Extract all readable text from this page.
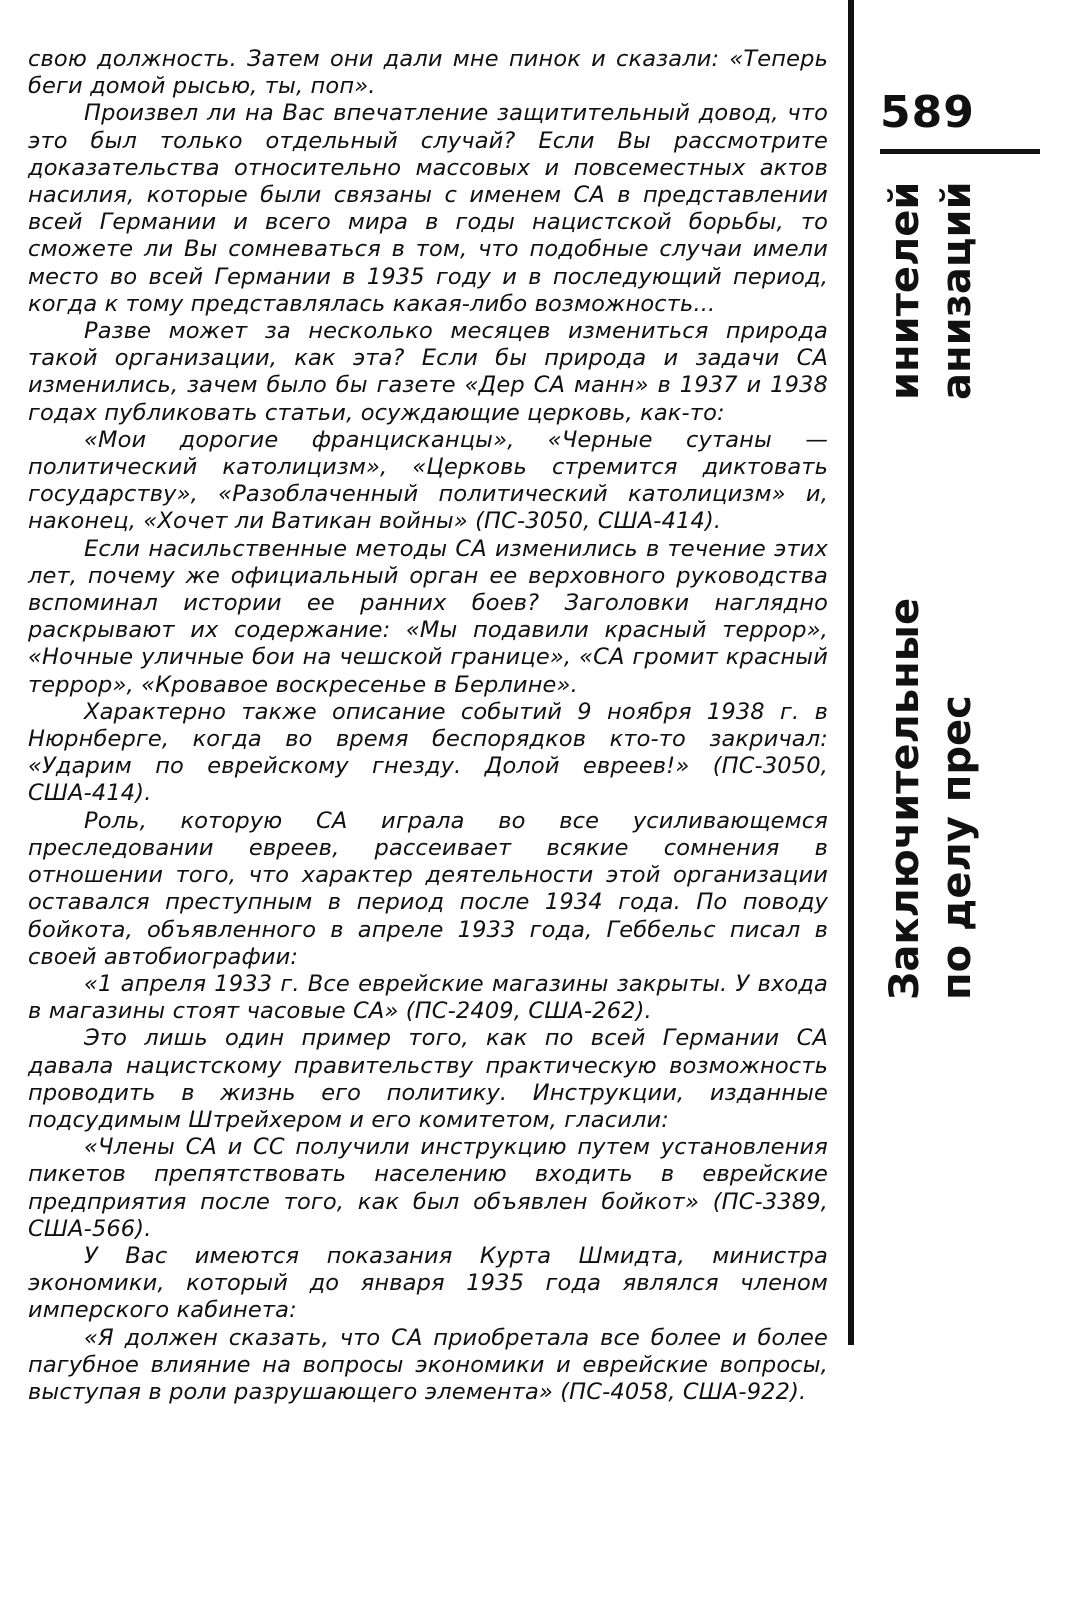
свою должность. Затем они дали мне пинок и сказали: «Теперь беги домой рысью, ты, поп».

Произвел ли на Вас впечатление защитительный довод, что это был только отдельный случай? Если Вы рассмотрите доказательства относительно массовых и повсеместных актов насилия, которые были связаны с именем СА в представлении всей Германии и всего мира в годы нацистской борьбы, то сможете ли Вы сомневаться в том, что подобные случаи имели место во всей Германии в 1935 году и в последующий период, когда к тому представлялась какая-либо возможность...

Разве может за несколько месяцев измениться природа такой организации, как эта? Если бы природа и задачи СА изменились, зачем было бы газете «Дер СА манн» в 1937 и 1938 годах публиковать статьи, осуждающие церковь, как-то:

«Мои дорогие францисканцы», «Черные сутаны — политический католицизм», «Церковь стремится диктовать государству», «Разоблаченный политический католицизм» и, наконец, «Хочет ли Ватикан войны» (ПС-3050, США-414).

Если насильственные методы СА изменились в течение этих лет, почему же официальный орган ее верховного руководства вспоминал истории ее ранних боев? Заголовки наглядно раскрывают их содержание: «Мы подавили красный террор», «Ночные уличные бои на чешской границе», «СА громит красный террор», «Кровавое воскресенье в Берлине».

Характерно также описание событий 9 ноября 1938 г. в Нюрнберге, когда во время беспорядков кто-то закричал: «Ударим по еврейскому гнезду. Долой евреев!» (ПС-3050, США-414).

Роль, которую СА играла во все усиливающемся преследовании евреев, рассеивает всякие сомнения в отношении того, что характер деятельности этой организации оставался преступным в период после 1934 года. По поводу бойкота, объявленного в апреле 1933 года, Геббельс писал в своей автобиографии:

«1 апреля 1933 г. Все еврейские магазины закрыты. У входа в магазины стоят часовые СА» (ПС-2409, США-262).

Это лишь один пример того, как по всей Германии СА давала нацистскому правительству практическую возможность проводить в жизнь его политику. Инструкции, изданные подсудимым Штрейхером и его комитетом, гласили:

«Члены СА и СС получили инструкцию путем установления пикетов препятствовать населению входить в еврейские предприятия после того, как был объявлен бойкот» (ПС-3389, США-566).

У Вас имеются показания Курта Шмидта, министра экономики, который до января 1935 года являлся членом имперского кабинета:

«Я должен сказать, что СА приобретала все более и более пагубное влияние на вопросы экономики и еврейские вопросы, выступая в роли разрушающего элемента» (ПС-4058, США-922).

589
инителей анизаций
Заключительные по делу прес
